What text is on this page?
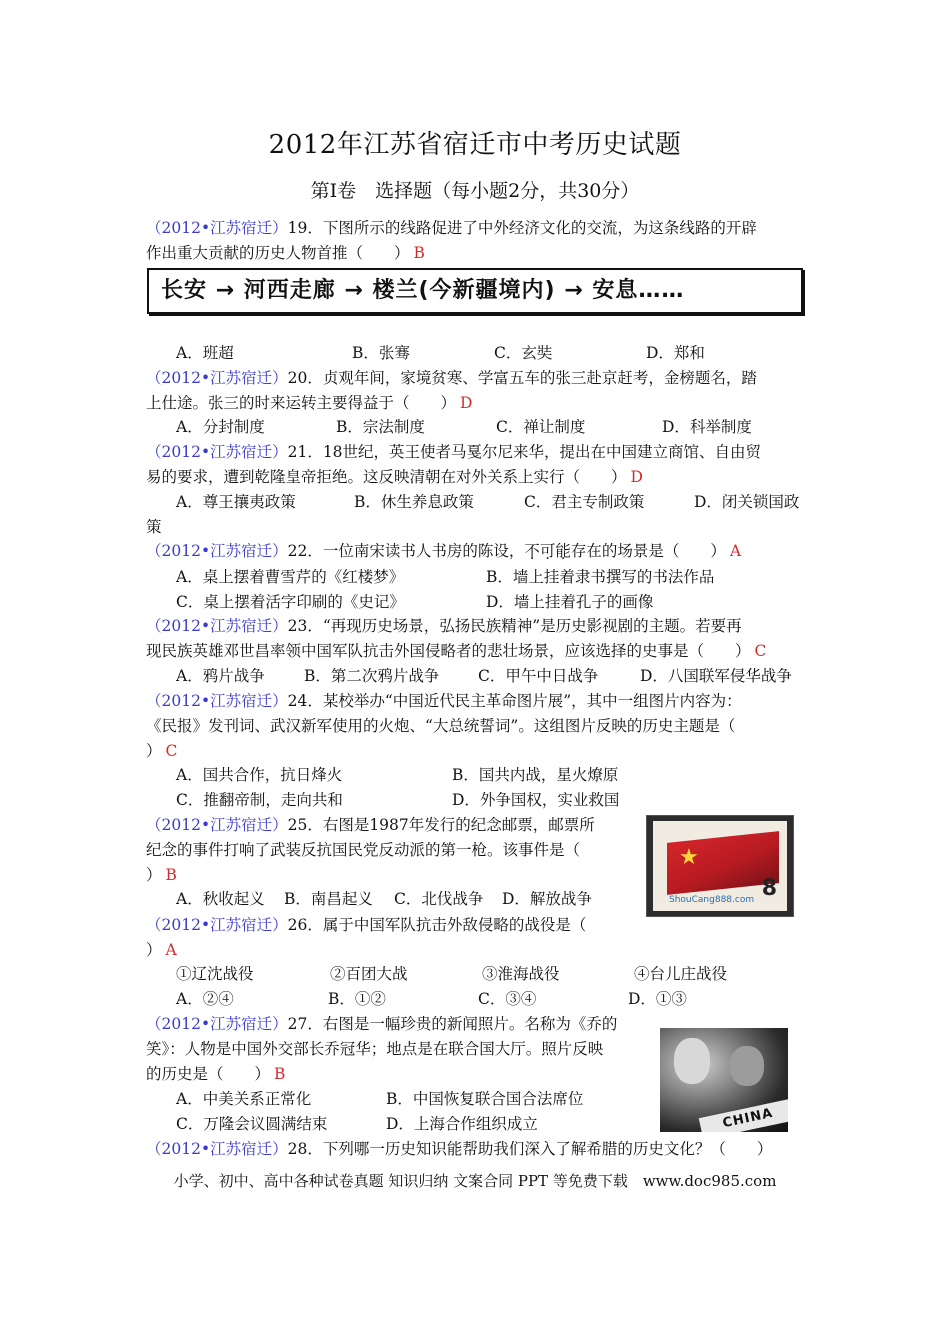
2012年江苏省宿迁市中考历史试题
第Ⅰ卷　选择题（每小题2分，共30分）
（2012•江苏宿迁）19．下图所示的线路促进了中外经济文化的交流，为这条线路的开辟
作出重大贡献的历史人物首推（　　） B
长安 → 河西走廊 → 楼兰(今新疆境内) → 安息……
A．班超	B．张骞	C．玄奘	D．郑和
（2012•江苏宿迁）20．贞观年间，家境贫寒、学富五车的张三赴京赶考，金榜题名，踏
上仕途。张三的时来运转主要得益于（　　） D
A．分封制度	B．宗法制度	C．禅让制度	D．科举制度
（2012•江苏宿迁）21．18世纪，英王使者马戛尔尼来华，提出在中国建立商馆、自由贸
易的要求，遭到乾隆皇帝拒绝。这反映清朝在对外关系上实行（　　） D
A．尊王攘夷政策	B．休生养息政策	C．君主专制政策	D．闭关锁国政
策
（2012•江苏宿迁）22．一位南宋读书人书房的陈设，不可能存在的场景是（　　） A
A．桌上摆着曹雪芹的《红楼梦》	B．墙上挂着隶书撰写的书法作品
C．桌上摆着活字印刷的《史记》	D．墙上挂着孔子的画像
（2012•江苏宿迁）23．“再现历史场景，弘扬民族精神”是历史影视剧的主题。若要再
现民族英雄邓世昌率领中国军队抗击外国侵略者的悲壮场景，应该选择的史事是（　　） C
A．鸦片战争	B．第二次鸦片战争 C．甲午中日战争	D．八国联军侵华战争
（2012•江苏宿迁）24．某校举办“中国近代民主革命图片展”，其中一组图片内容为：
《民报》发刊词、武汉新军使用的火炮、“大总统誓词”。这组图片反映的历史主题是（
） C
A．国共合作，抗日烽火	B．国共内战，星火燎原
C．推翻帝制，走向共和	D．外争国权，实业救国
（2012•江苏宿迁）25．右图是1987年发行的纪念邮票，邮票所
纪念的事件打响了武装反抗国民党反动派的第一枪。该事件是（
） B
A．秋收起义 B．南昌起义 C．北伐战争 D．解放战争
★
8
ShouCang888.com
（2012•江苏宿迁）26．属于中国军队抗击外敌侵略的战役是（
） A
①辽沈战役	②百团大战	③淮海战役	④台儿庄战役
A．②④	B．①②	C．③④	D．①③
（2012•江苏宿迁）27．右图是一幅珍贵的新闻照片。名称为《乔的
笑》：人物是中国外交部长乔冠华；地点是在联合国大厅。照片反映
的历史是（　　） B
A．中美关系正常化	B．中国恢复联合国合法席位
C．万隆会议圆满结束	D．上海合作组织成立	CHINA
（2012•江苏宿迁）28．下列哪一历史知识能帮助我们深入了解希腊的历史文化？（　　）
小学、初中、高中各种试卷真题 知识归纳 文案合同 PPT 等免费下载　www.doc985.com
